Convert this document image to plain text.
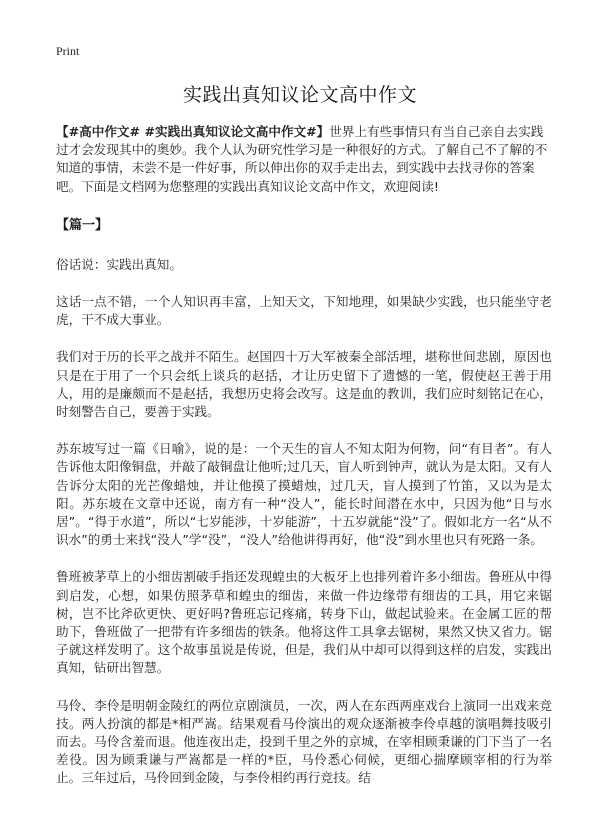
Print
实践出真知议论文高中作文

【#高中作文# #实践出真知议论文高中作文#】世界上有些事情只有当自己亲自去实践过才会发现其中的奥妙。我个人认为研究性学习是一种很好的方式。了解自己不了解的不知道的事情，未尝不是一件好事，所以伸出你的双手走出去，到实践中去找寻你的答案吧。下面是文档网为您整理的实践出真知议论文高中作文，欢迎阅读!

【篇一】

俗话说：实践出真知。

这话一点不错，一个人知识再丰富，上知天文，下知地理，如果缺少实践，也只能坐守老虎，干不成大事业。

我们对于历的长平之战并不陌生。赵国四十万大军被秦全部活埋，堪称世间悲剧，原因也只是在于用了一个只会纸上谈兵的赵括，才让历史留下了遗憾的一笔，假使赵王善于用人，用的是廉颇而不是赵括，我想历史将会改写。这是血的教训，我们应时刻铭记在心，时刻警告自己，要善于实践。

苏东坡写过一篇《日喻》，说的是：一个天生的盲人不知太阳为何物，问“有目者”。有人告诉他太阳像铜盘，并敲了敲铜盘让他听;过几天，盲人听到钟声，就认为是太阳。又有人告诉分太阳的光芒像蜡烛，并让他摸了摸蜡烛，过几天，盲人摸到了竹笛，又以为是太阳。苏东坡在文章中还说，南方有一种“没人”，能长时间潜在水中，只因为他“日与水居”。“得于水道”，所以“七岁能涉，十岁能游”，十五岁就能“没”了。假如北方一名“从不识水”的勇士来找“没人”学“没”，“没人”给他讲得再好，他“没”到水里也只有死路一条。

鲁班被茅草上的小细齿割破手指还发现蝗虫的大板牙上也排列着许多小细齿。鲁班从中得到启发，心想，如果仿照茅草和蝗虫的细齿，来做一件边缘带有细齿的工具，用它来锯树，岂不比斧砍更快、更好吗?鲁班忘记疼痛，转身下山，做起试验来。在金属工匠的帮助下，鲁班做了一把带有许多细齿的铁条。他将这件工具拿去锯树，果然又快又省力。锯子就这样发明了。这个故事虽说是传说，但是，我们从中却可以得到这样的启发，实践出真知，钻研出智慧。

马伶、李伶是明朝金陵红的两位京剧演员，一次，两人在东西两座戏台上演同一出戏来竞技。两人扮演的都是*相严嵩。结果观看马伶演出的观众逐渐被李伶卓越的演唱舞技吸引而去。马伶含羞而退。他连夜出走，投到千里之外的京城，在宰相顾秉谦的门下当了一名差役。因为顾秉谦与严嵩都是一样的*臣，马伶悉心伺候，更细心揣摩顾宰相的行为举止。三年过后，马伶回到金陵，与李伶相约再行竞技。结
